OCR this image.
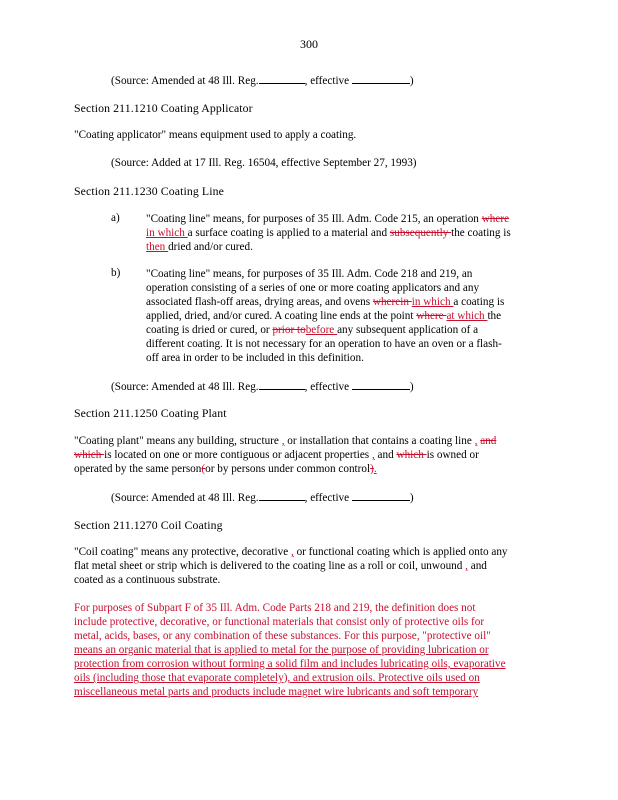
300
(Source: Amended at 48 Ill. Reg.	, effective	)
Section 211.1210 Coating Applicator
"Coating applicator" means equipment used to apply a coating.
(Source: Added at 17 Ill. Reg. 16504, effective September 27, 1993)
Section 211.1230 Coating Line
a) "Coating line" means, for purposes of 35 Ill. Adm. Code 215, an operation where
in which a surface coating is applied to a material and subsequently the coating is
then dried and/or cured.
b) "Coating line" means, for purposes of 35 Ill. Adm. Code 218 and 219, an
operation consisting of a series of one or more coating applicators and any
associated flash-off areas, drying areas, and ovens wherein in which a coating is
applied, dried, and/or cured. A coating line ends at the point where at which the
coating is dried or cured, or prior tobefore any subsequent application of a
different coating. It is not necessary for an operation to have an oven or a flash-
off area in order to be included in this definition.
(Source: Amended at 48 Ill. Reg.	, effective	)
Section 211.1250 Coating Plant
"Coating plant" means any building, structure , or installation that contains a coating line , and
which is located on one or more contiguous or adjacent properties , and which is owned or
operated by the same person(or by persons under common control).
(Source: Amended at 48 Ill. Reg.	, effective	)
Section 211.1270 Coil Coating
"Coil coating" means any protective, decorative , or functional coating which is applied onto any
flat metal sheet or strip which is delivered to the coating line as a roll or coil, unwound , and
coated as a continuous substrate.
For purposes of Subpart F of 35 Ill. Adm. Code Parts 218 and 219, the definition does not
include protective, decorative, or functional materials that consist only of protective oils for
metal, acids, bases, or any combination of these substances. For this purpose, "protective oil"
means an organic material that is applied to metal for the purpose of providing lubrication or
protection from corrosion without forming a solid film and includes lubricating oils, evaporative
oils (including those that evaporate completely), and extrusion oils. Protective oils used on
miscellaneous metal parts and products include magnet wire lubricants and soft temporary
